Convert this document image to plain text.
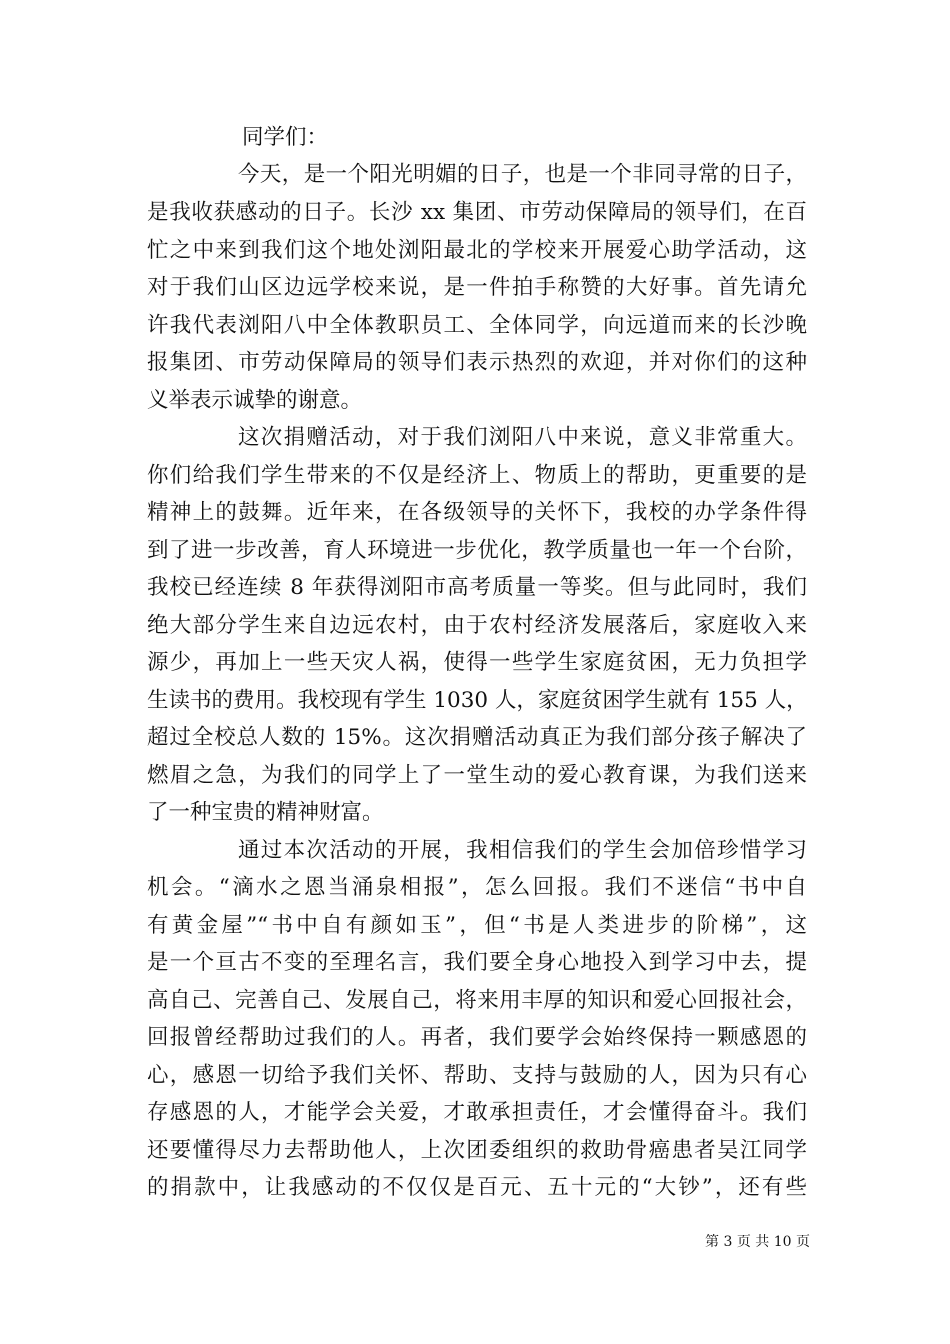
同学们：
今天，是一个阳光明媚的日子，也是一个非同寻常的日子，
是我收获感动的日子。长沙 xx 集团、市劳动保障局的领导们，在百
忙之中来到我们这个地处浏阳最北的学校来开展爱心助学活动，这
对于我们山区边远学校来说，是一件拍手称赞的大好事。首先请允
许我代表浏阳八中全体教职员工、全体同学，向远道而来的长沙晚
报集团、市劳动保障局的领导们表示热烈的欢迎，并对你们的这种
义举表示诚挚的谢意。
这次捐赠活动，对于我们浏阳八中来说，意义非常重大。
你们给我们学生带来的不仅是经济上、物质上的帮助，更重要的是
精神上的鼓舞。近年来，在各级领导的关怀下，我校的办学条件得
到了进一步改善，育人环境进一步优化，教学质量也一年一个台阶，
我校已经连续 8 年获得浏阳市高考质量一等奖。但与此同时，我们
绝大部分学生来自边远农村，由于农村经济发展落后，家庭收入来
源少，再加上一些天灾人祸，使得一些学生家庭贫困，无力负担学
生读书的费用。我校现有学生 1030 人，家庭贫困学生就有 155 人，
超过全校总人数的 15%。这次捐赠活动真正为我们部分孩子解决了
燃眉之急，为我们的同学上了一堂生动的爱心教育课，为我们送来
了一种宝贵的精神财富。
通过本次活动的开展，我相信我们的学生会加倍珍惜学习
机会。“滴水之恩当涌泉相报”，怎么回报。我们不迷信“书中自
有黄金屋”“书中自有颜如玉”，但“书是人类进步的阶梯”，这
是一个亘古不变的至理名言，我们要全身心地投入到学习中去，提
高自己、完善自己、发展自己，将来用丰厚的知识和爱心回报社会，
回报曾经帮助过我们的人。再者，我们要学会始终保持一颗感恩的
心，感恩一切给予我们关怀、帮助、支持与鼓励的人，因为只有心
存感恩的人，才能学会关爱，才敢承担责任，才会懂得奋斗。我们
还要懂得尽力去帮助他人，上次团委组织的救助骨癌患者吴江同学
的捐款中，让我感动的不仅仅是百元、五十元的“大钞”，还有些
第 3 页 共 10 页
